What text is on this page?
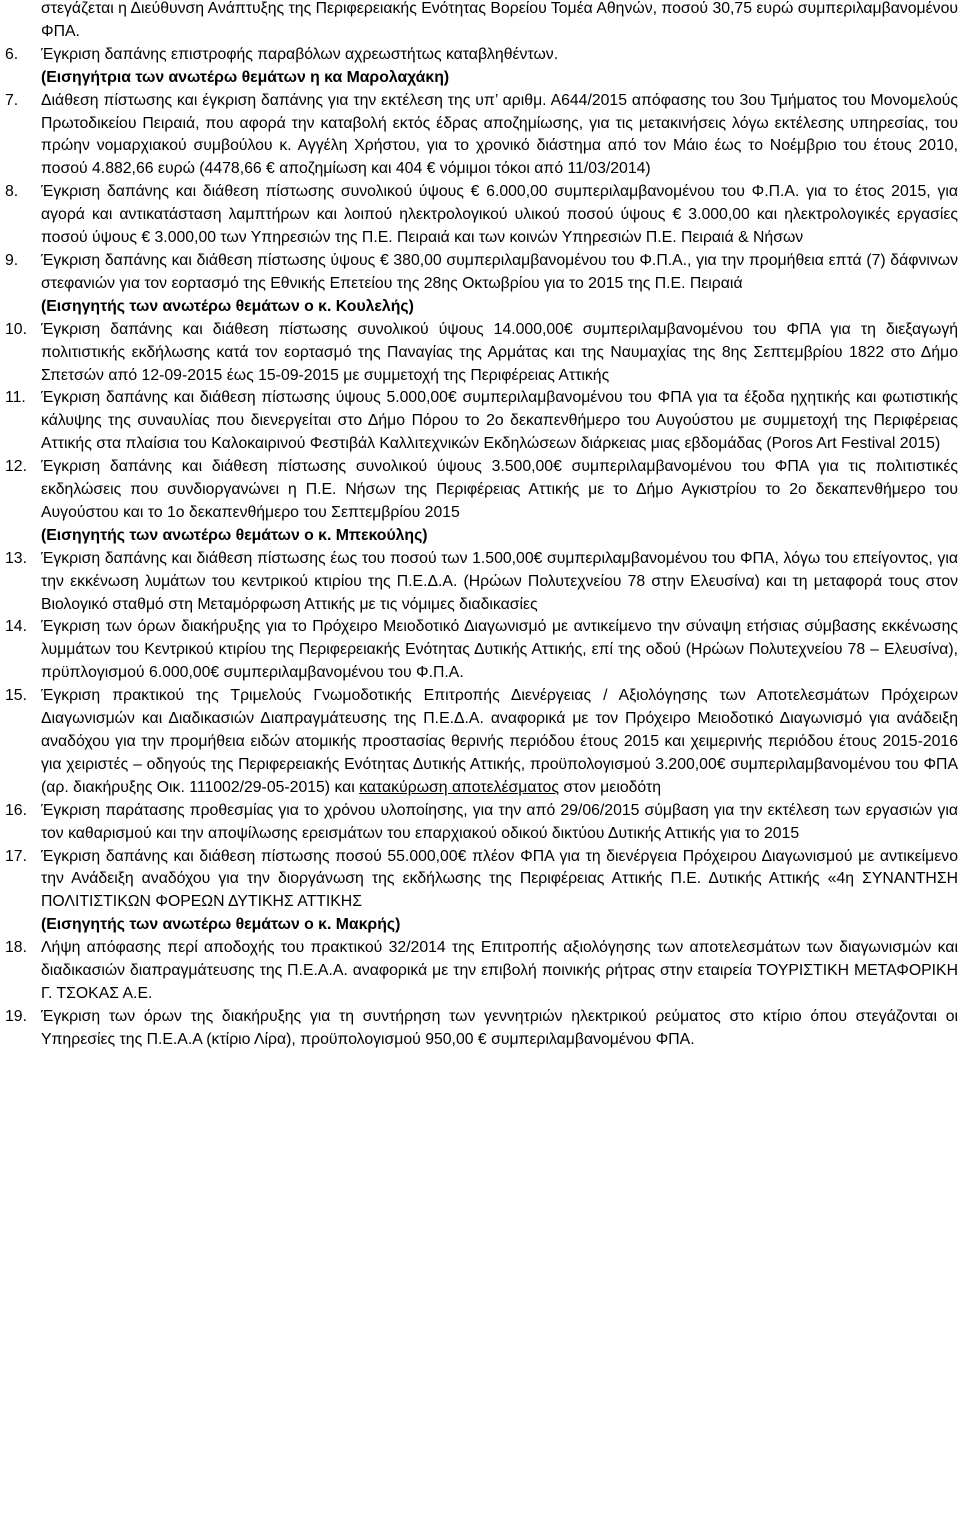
στεγάζεται η Διεύθυνση Ανάπτυξης της Περιφερειακής Ενότητας Βορείου Τομέα Αθηνών, ποσού 30,75 ευρώ συμπεριλαμβανομένου ΦΠΑ.
6. Έγκριση δαπάνης επιστροφής παραβόλων αχρεωστήτως καταβληθέντων.
(Εισηγήτρια των ανωτέρω θεμάτων η κα Μαρολαχάκη)
7. Διάθεση πίστωσης και έγκριση δαπάνης για την εκτέλεση της υπ’ αριθμ. Α644/2015 απόφασης του 3ου Τμήματος του Μονομελούς Πρωτοδικείου Πειραιά, που αφορά την καταβολή εκτός έδρας αποζημίωσης, για τις μετακινήσεις λόγω εκτέλεσης υπηρεσίας, του πρώην νομαρχιακού συμβούλου κ. Αγγέλη Χρήστου, για το χρονικό διάστημα από τον Μάιο έως το Νοέμβριο του έτους 2010, ποσού 4.882,66 ευρώ (4478,66 € αποζημίωση και 404 € νόμιμοι τόκοι από 11/03/2014)
8. Έγκριση δαπάνης και διάθεση πίστωσης συνολικού ύψους € 6.000,00 συμπεριλαμβανομένου του Φ.Π.Α. για το έτος 2015, για αγορά και αντικατάσταση λαμπτήρων και λοιπού ηλεκτρολογικού υλικού ποσού ύψους € 3.000,00 και ηλεκτρολογικές εργασίες ποσού ύψους € 3.000,00 των Υπηρεσιών της Π.Ε. Πειραιά και των κοινών Υπηρεσιών Π.Ε. Πειραιά & Νήσων
9. Έγκριση δαπάνης και διάθεση πίστωσης ύψους € 380,00 συμπεριλαμβανομένου του Φ.Π.Α., για την προμήθεια επτά (7) δάφνινων στεφανιών για τον εορτασμό της Εθνικής Επετείου της 28ης Οκτωβρίου για το 2015 της Π.Ε. Πειραιά
(Εισηγητής των ανωτέρω θεμάτων ο κ. Κουλελής)
10. Έγκριση δαπάνης και διάθεση πίστωσης συνολικού ύψους 14.000,00€ συμπεριλαμβανομένου του ΦΠΑ για τη διεξαγωγή πολιτιστικής εκδήλωσης κατά τον εορτασμό της Παναγίας της Αρμάτας και της Ναυμαχίας της 8ης Σεπτεμβρίου 1822 στο Δήμο Σπετσών από 12-09-2015 έως 15-09-2015 με συμμετοχή της Περιφέρειας Αττικής
11. Έγκριση δαπάνης και διάθεση πίστωσης ύψους 5.000,00€ συμπεριλαμβανομένου του ΦΠΑ για τα έξοδα ηχητικής και φωτιστικής κάλυψης της συναυλίας που διενεργείται στο Δήμο Πόρου το 2ο δεκαπενθήμερο του Αυγούστου με συμμετοχή της Περιφέρειας Αττικής στα πλαίσια του Καλοκαιρινού Φεστιβάλ Καλλιτεχνικών Εκδηλώσεων διάρκειας μιας εβδομάδας (Poros Art Festival 2015)
12. Έγκριση δαπάνης και διάθεση πίστωσης συνολικού ύψους 3.500,00€ συμπεριλαμβανομένου του ΦΠΑ για τις πολιτιστικές εκδηλώσεις που συνδιοργανώνει η Π.Ε. Νήσων της Περιφέρειας Αττικής με το Δήμο Αγκιστρίου το 2ο δεκαπενθήμερο του Αυγούστου και το 1ο δεκαπενθήμερο του Σεπτεμβρίου 2015
(Εισηγητής των ανωτέρω θεμάτων ο κ. Μπεκούλης)
13. Έγκριση δαπάνης και διάθεση πίστωσης έως του ποσού των 1.500,00€ συμπεριλαμβανομένου του ΦΠΑ, λόγω του επείγοντος, για την εκκένωση λυμάτων του κεντρικού κτιρίου της Π.Ε.Δ.Α. (Ηρώων Πολυτεχνείου 78 στην Ελευσίνα) και τη μεταφορά τους στον Βιολογικό σταθμό στη Μεταμόρφωση Αττικής με τις νόμιμες διαδικασίες
14. Έγκριση των όρων διακήρυξης για το Πρόχειρο Μειοδοτικό Διαγωνισμό με αντικείμενο την σύναψη ετήσιας σύμβασης εκκένωσης λυμμάτων του Κεντρικού κτιρίου της Περιφερειακής Ενότητας Δυτικής Αττικής, επί της οδού (Ηρώων Πολυτεχνείου 78 – Ελευσίνα), πρϋπλογισμού 6.000,00€ συμπεριλαμβανομένου του Φ.Π.Α.
15. Έγκριση πρακτικού της Τριμελούς Γνωμοδοτικής Επιτροπής Διενέργειας / Αξιολόγησης των Αποτελεσμάτων Πρόχειρων Διαγωνισμών και Διαδικασιών Διαπραγμάτευσης της Π.Ε.Δ.Α. αναφορικά με τον Πρόχειρο Μειοδοτικό Διαγωνισμό για ανάδειξη αναδόχου για την προμήθεια ειδών ατομικής προστασίας θερινής περιόδου έτους 2015 και χειμερινής περιόδου έτους 2015-2016 για χειριστές – οδηγούς της Περιφερειακής Ενότητας Δυτικής Αττικής, προϋπολογισμού 3.200,00€ συμπεριλαμβανομένου του ΦΠΑ (αρ. διακήρυξης Οικ. 111002/29-05-2015) και κατακύρωση αποτελέσματος στον μειοδότη
16. Έγκριση παράτασης προθεσμίας για το χρόνου υλοποίησης, για την από 29/06/2015 σύμβαση για την εκτέλεση των εργασιών για τον καθαρισμού και την αποψίλωσης ερεισμάτων του επαρχιακού οδικού δικτύου Δυτικής Αττικής για το 2015
17. Έγκριση δαπάνης και διάθεση πίστωσης ποσού 55.000,00€ πλέον ΦΠΑ για τη διενέργεια Πρόχειρου Διαγωνισμού με αντικείμενο την Ανάδειξη αναδόχου για την διοργάνωση της εκδήλωσης της Περιφέρειας Αττικής Π.Ε. Δυτικής Αττικής «4η ΣΥΝΑΝΤΗΣΗ ΠΟΛΙΤΙΣΤΙΚΩΝ ΦΟΡΕΩΝ ΔΥΤΙΚΗΣ ΑΤΤΙΚΗΣ
(Εισηγητής των ανωτέρω θεμάτων ο κ. Μακρής)
18. Λήψη απόφασης περί αποδοχής του πρακτικού 32/2014 της Επιτροπής αξιολόγησης των αποτελεσμάτων των διαγωνισμών και διαδικασιών διαπραγμάτευσης της Π.Ε.Α.Α. αναφορικά με την επιβολή ποινικής ρήτρας στην εταιρεία ΤΟΥΡΙΣΤΙΚΗ ΜΕΤΑΦΟΡΙΚΗ Γ. ΤΣΟΚΑΣ Α.Ε.
19. Έγκριση των όρων της διακήρυξης για τη συντήρηση των γεννητριών ηλεκτρικού ρεύματος στο κτίριο όπου στεγάζονται οι Υπηρεσίες της Π.Ε.Α.Α (κτίριο Λίρα), προϋπολογισμού 950,00 € συμπεριλαμβανομένου ΦΠΑ.
